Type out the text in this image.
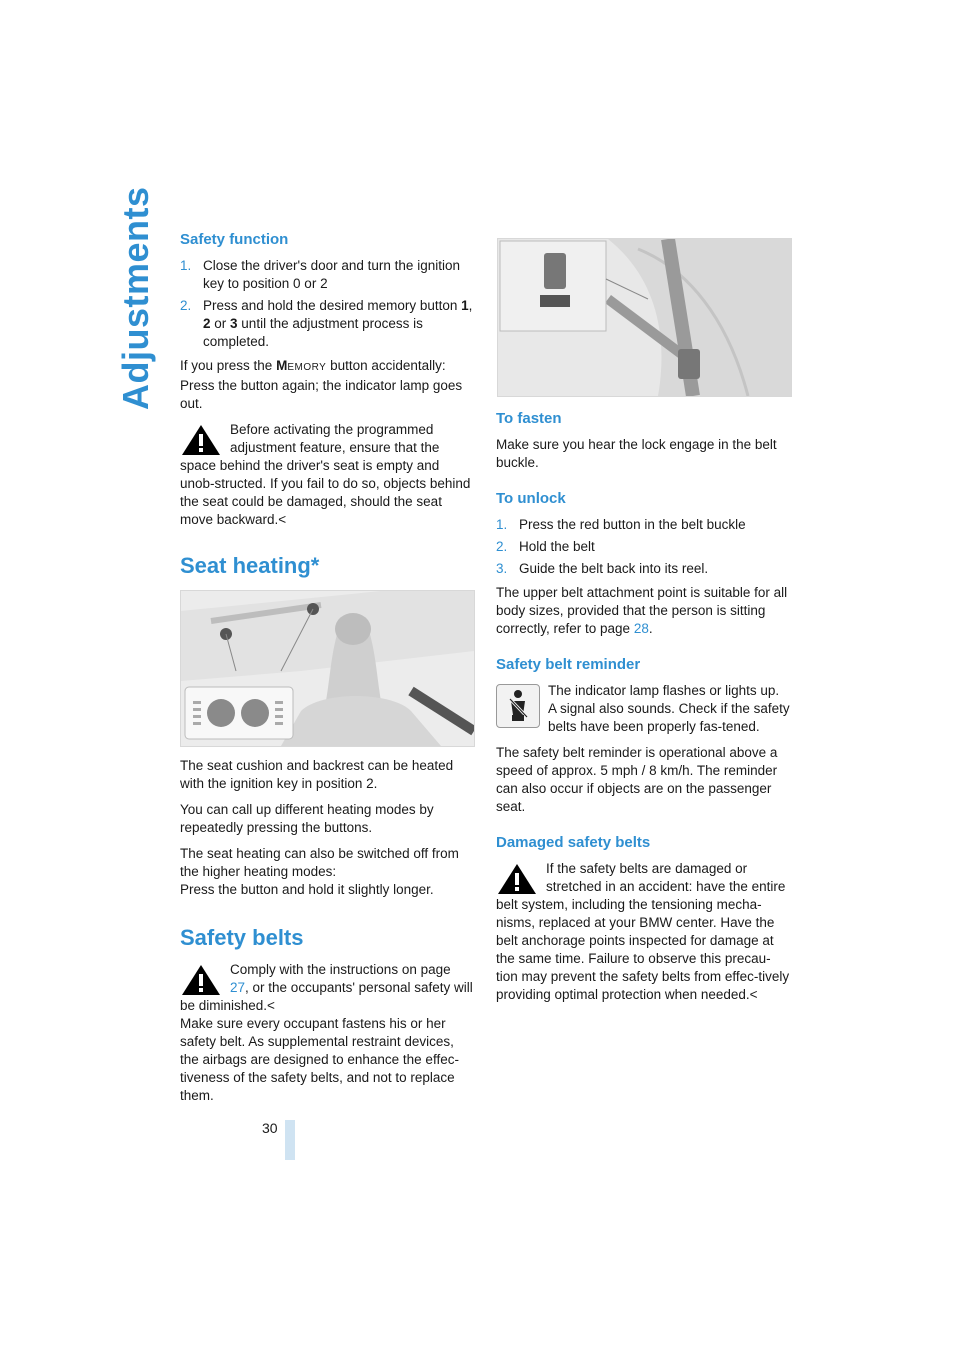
Adjustments Safety function
1. Close the driver's door and turn the ignition key to position 0 or 2
2. Press and hold the desired memory button 1, 2 or 3 until the adjustment process is completed.

If you press the MEMORY button accidentally: Press the button again; the indicator lamp goes out.

Before activating the programmed adjustment feature, ensure that the space behind the driver's seat is empty and unob-structed. If you fail to do so, objects behind the seat could be damaged, should the seat move backward.<
Seat heating*

The seat cushion and backrest can be heated with the ignition key in position 2.

You can call up different heating modes by repeatedly pressing the buttons.

The seat heating can also be switched off from the higher heating modes:
Press the button and hold it slightly longer.

Safety belts
Comply with the instructions on page 27, or the occupants' personal safety will be diminished.<

Make sure every occupant fastens his or her safety belt. As supplemental restraint devices, the airbags are designed to enhance the effec-tiveness of the safety belts, and not to replace them.

To fasten

Make sure you hear the lock engage in the belt buckle.

To unlock
1. Press the red button in the belt buckle
2. Hold the belt
3. Guide the belt back into its reel.

The upper belt attachment point is suitable for all body sizes, provided that the person is sitting correctly, refer to page 28.

Safety belt reminder
The indicator lamp flashes or lights up. A signal also sounds. Check if the safety belts have been properly fas-tened.

The safety belt reminder is operational above a speed of approx. 5 mph / 8 km/h. The reminder can also occur if objects are on the passenger seat.

Damaged safety belts
If the safety belts are damaged or stretched in an accident: have the entire belt system, including the tensioning mecha-nisms, replaced at your BMW center. Have the belt anchorage points inspected for damage at the same time. Failure to observe this precau-tion may prevent the safety belts from effec-tively providing optimal protection when needed.<
30
